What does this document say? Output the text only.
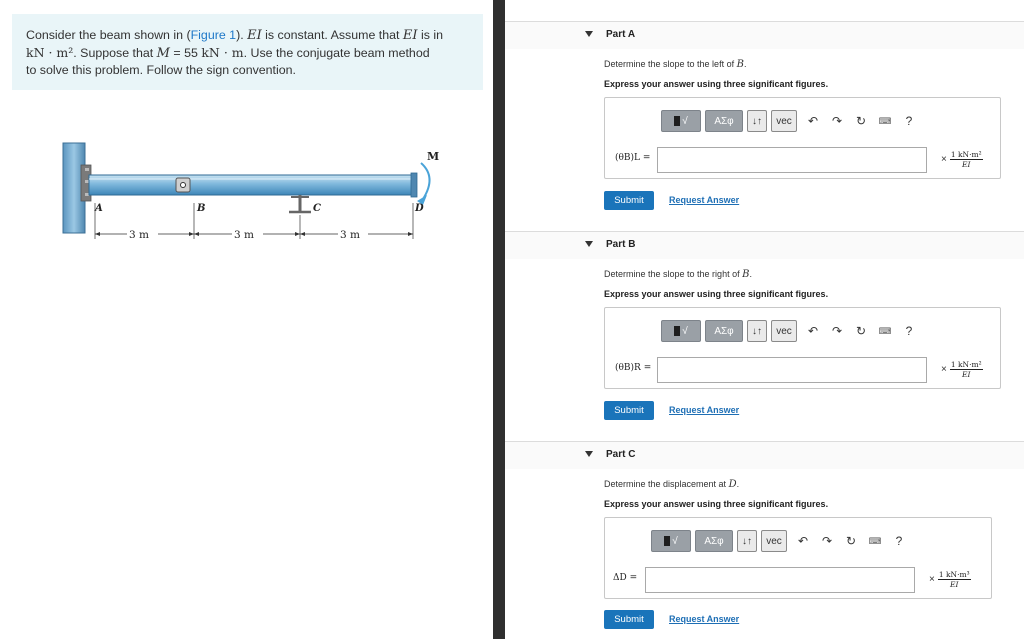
Consider the beam shown in (Figure 1). EI is constant. Assume that EI is in
kN · m². Suppose that M = 55 kN · m. Use the conjugate beam method
to solve this problem. Follow the sign convention.
M
A	B	C	D
3 m	3 m	3 m
Part A
Determine the slope to the left of B.
Express your answer using three significant figures.
√	ΑΣφ	↓↑	vec	↶	↷	↻	⌨	?
(θB)L =	× $\frac{\text{1 kN·m²}}{EI}$
Submit	Request Answer
Part B
Determine the slope to the right of B.
Express your answer using three significant figures.
√	ΑΣφ	↓↑	vec	↶	↷	↻	⌨	?
(θB)R =	× $\frac{\text{1 kN·m²}}{EI}$
Submit	Request Answer
Part C
Determine the displacement at D.
Express your answer using three significant figures.
√	ΑΣφ	↓↑	vec	↶	↷	↻	⌨	?
ΔD =	× $\frac{\text{1 kN·m³}}{EI}$
Submit	Request Answer
